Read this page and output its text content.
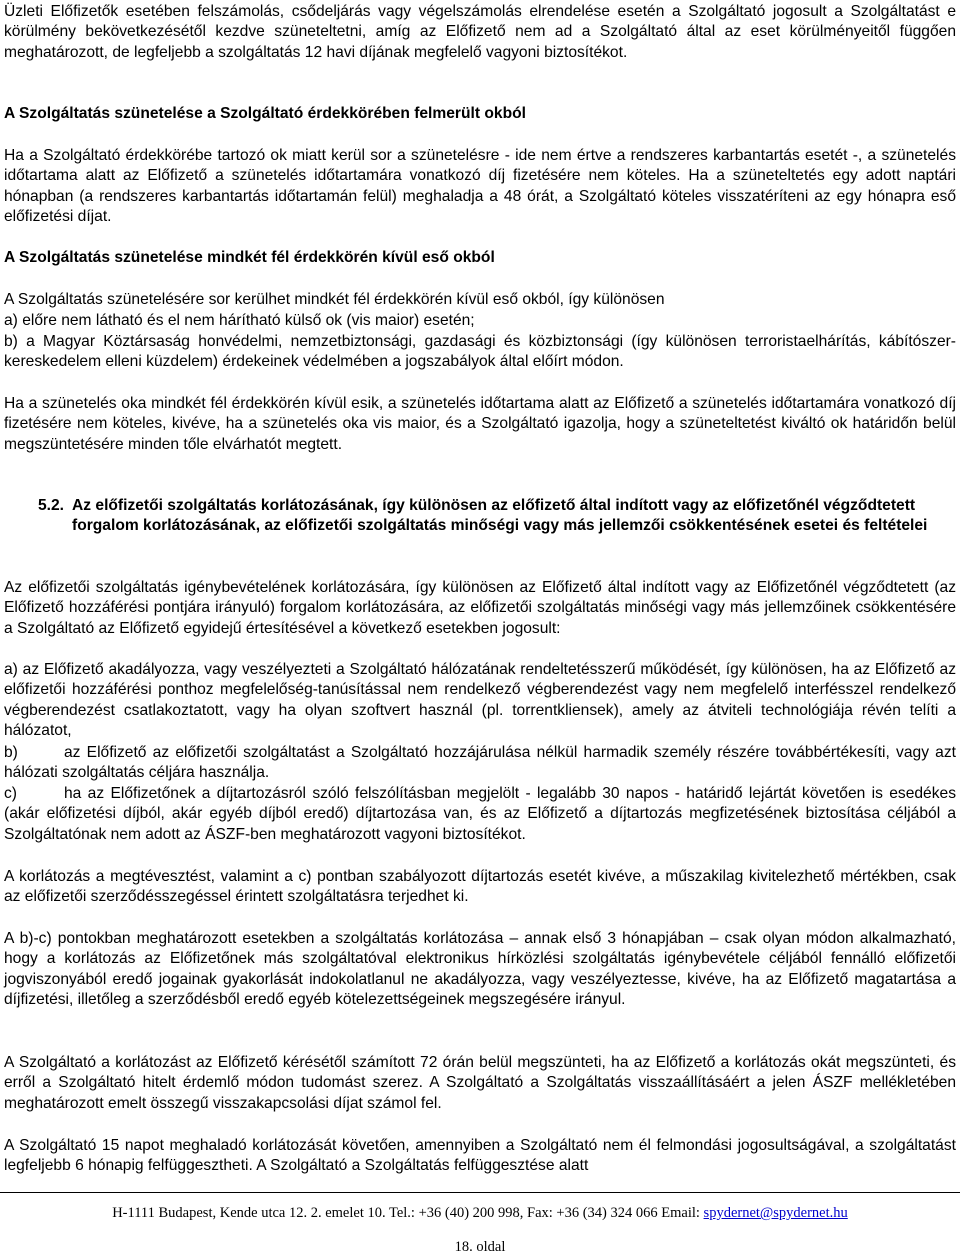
Üzleti Előfizetők esetében felszámolás, csődeljárás vagy végelszámolás elrendelése esetén a Szolgáltató jogosult a Szolgáltatást e körülmény bekövetkezésétől kezdve szüneteltetni, amíg az Előfizető nem ad a Szolgáltató által az eset körülményeitől függően meghatározott, de legfeljebb a szolgáltatás 12 havi díjának megfelelő vagyoni biztosítékot.

A Szolgáltatás szünetelése a Szolgáltató érdekkörében felmerült okból

Ha a Szolgáltató érdekkörébe tartozó ok miatt kerül sor a szünetelésre - ide nem értve a rendszeres karbantartás esetét -, a szünetelés időtartama alatt az Előfizető a szünetelés időtartamára vonatkozó díj fizetésére nem köteles. Ha a szüneteltetés egy adott naptári hónapban (a rendszeres karbantartás időtartamán felül) meghaladja a 48 órát, a Szolgáltató köteles visszatéríteni az egy hónapra eső előfizetési díjat.

A Szolgáltatás szünetelése mindkét fél érdekkörén kívül eső okból

A Szolgáltatás szünetelésére sor kerülhet mindkét fél érdekkörén kívül eső okból, így különösen

a) előre nem látható és el nem hárítható külső ok (vis maior) esetén;

b) a Magyar Köztársaság honvédelmi, nemzetbiztonsági, gazdasági és közbiztonsági (így különösen terroristaelhárítás, kábítószer-kereskedelem elleni küzdelem) érdekeinek védelmében a jogszabályok által előírt módon.

Ha a szünetelés oka mindkét fél érdekkörén kívül esik, a szünetelés időtartama alatt az Előfizető a szünetelés időtartamára vonatkozó díj fizetésére nem köteles, kivéve, ha a szünetelés oka vis maior, és a Szolgáltató igazolja, hogy a szüneteltetést kiváltó ok határidőn belül megszüntetésére minden tőle elvárhatót megtett.

5.2. Az előfizetői szolgáltatás korlátozásának, így különösen az előfizető által indított vagy az előfizetőnél végződtetett forgalom korlátozásának, az előfizetői szolgáltatás minőségi vagy más jellemzői csökkentésének esetei és feltételei

Az előfizetői szolgáltatás igénybevételének korlátozására, így különösen az Előfizető által indított vagy az Előfizetőnél végződtetett (az Előfizető hozzáférési pontjára irányuló) forgalom korlátozására, az előfizetői szolgáltatás minőségi vagy más jellemzőinek csökkentésére a Szolgáltató az Előfizető egyidejű értesítésével a következő esetekben jogosult:

a) az Előfizető akadályozza, vagy veszélyezteti a Szolgáltató hálózatának rendeltetésszerű működését, így különösen, ha az Előfizető az előfizetői hozzáférési ponthoz megfelelőség-tanúsítással nem rendelkező végberendezést vagy nem megfelelő interfésszel rendelkező végberendezést csatlakoztatott, vagy ha olyan szoftvert használ (pl. torrentkliensek), amely az átviteli technológiája révén telíti a hálózatot,

b)	az Előfizető az előfizetői szolgáltatást a Szolgáltató hozzájárulása nélkül harmadik személy részére továbbértékesíti, vagy azt hálózati szolgáltatás céljára használja.

c)	ha az Előfizetőnek a díjtartozásról szóló felszólításban megjelölt - legalább 30 napos - határidő lejártát követően is esedékes (akár előfizetési díjból, akár egyéb díjból eredő) díjtartozása van, és az Előfizető a díjtartozás megfizetésének biztosítása céljából a Szolgáltatónak nem adott az ÁSZF-ben meghatározott vagyoni biztosítékot.

A korlátozás a megtévesztést, valamint a c) pontban szabályozott díjtartozás esetét kivéve, a műszakilag kivitelezhető mértékben, csak az előfizetői szerződésszegéssel érintett szolgáltatásra terjedhet ki.

A b)-c) pontokban meghatározott esetekben a szolgáltatás korlátozása – annak első 3 hónapjában – csak olyan módon alkalmazható, hogy a korlátozás az Előfizetőnek más szolgáltatóval elektronikus hírközlési szolgáltatás igénybevétele céljából fennálló előfizetői jogviszonyából eredő jogainak gyakorlását indokolatlanul ne akadályozza, vagy veszélyeztesse, kivéve, ha az Előfizető magatartása a díjfizetési, illetőleg a szerződésből eredő egyéb kötelezettségeinek megszegésére irányul.

A Szolgáltató a korlátozást az Előfizető kérésétől számított 72 órán belül megszünteti, ha az Előfizető a korlátozás okát megszünteti, és erről a Szolgáltató hitelt érdemlő módon tudomást szerez. A Szolgáltató a Szolgáltatás visszaállításáért a jelen ÁSZF mellékletében meghatározott emelt összegű visszakapcsolási díjat számol fel.

A Szolgáltató 15 napot meghaladó korlátozását követően, amennyiben a Szolgáltató nem él felmondási jogosultságával, a szolgáltatást legfeljebb 6 hónapig felfüggesztheti. A Szolgáltató a Szolgáltatás felfüggesztése alatt

H-1111 Budapest, Kende utca 12. 2. emelet 10. Tel.: +36 (40) 200 998, Fax: +36 (34) 324 066 Email: spydernet@spydernet.hu
18. oldal
